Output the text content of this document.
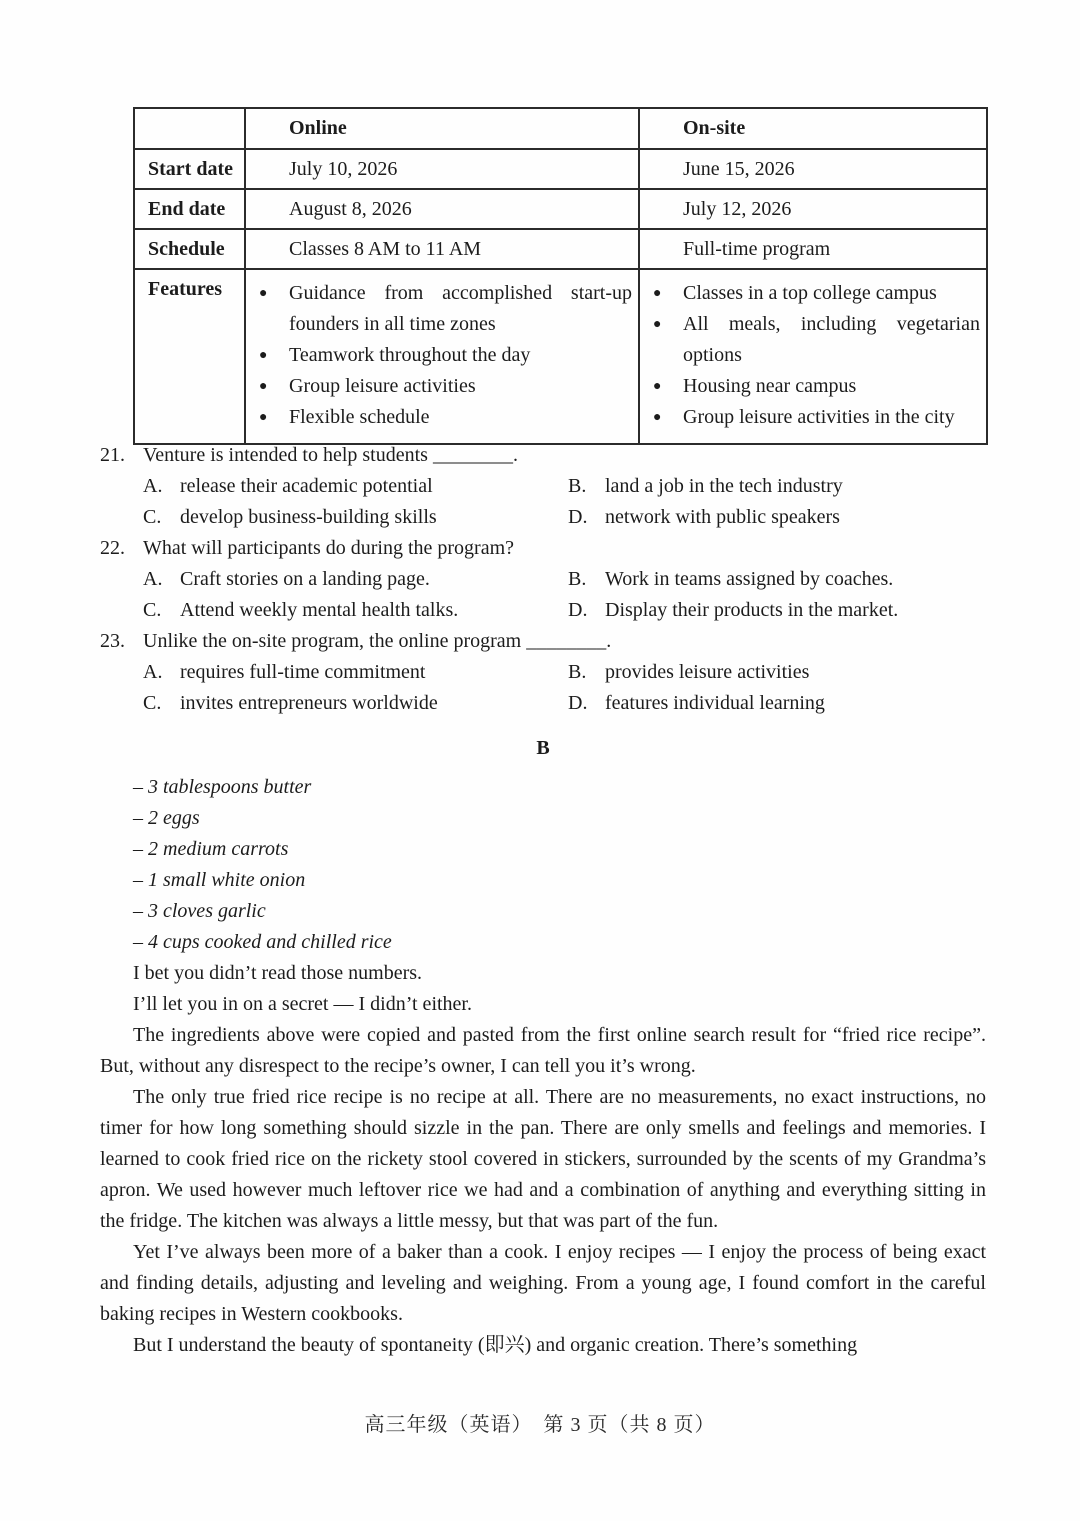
	Online	On-site
Start date	July 10, 2026	June 15, 2026
End date	August 8, 2026	July 12, 2026
Schedule	Classes 8 AM to 11 AM	Full-time program
Features	
●Guidance from accomplished start-up founders in all time zones
● Teamwork throughout the day
● Group leisure activities
● Flexible schedule

● Classes in a top college campus
● All meals, including vegetarian options
● Housing near campus
● Group leisure activities in the city
21. Venture is intended to help students ________.
A. release their academic potential	B. land a job in the tech industry
C. develop business-building skills	D. network with public speakers
22. What will participants do during the program?
A. Craft stories on a landing page.	B. Work in teams assigned by coaches.
C. Attend weekly mental health talks.	D. Display their products in the market.
23. Unlike the on-site program, the online program ________.
A. requires full-time commitment	B. provides leisure activities
C. invites entrepreneurs worldwide	D. features individual learning
B
– 3 tablespoons butter
– 2 eggs
– 2 medium carrots
– 1 small white onion
– 3 cloves garlic
– 4 cups cooked and chilled rice
I bet you didn’t read those numbers.
I’ll let you in on a secret — I didn’t either.

The ingredients above were copied and pasted from the first online search result for “fried rice recipe”. But, without any disrespect to the recipe’s owner, I can tell you it’s wrong.

The only true fried rice recipe is no recipe at all. There are no measurements, no exact instructions, no timer for how long something should sizzle in the pan. There are only smells and feelings and memories. I learned to cook fried rice on the rickety stool covered in stickers, surrounded by the scents of my Grandma’s apron. We used however much leftover rice we had and a combination of anything and everything sitting in the fridge. The kitchen was always a little messy, but that was part of the fun.

Yet I’ve always been more of a baker than a cook. I enjoy recipes — I enjoy the process of being exact and finding details, adjusting and leveling and weighing. From a young age, I found comfort in the careful baking recipes in Western cookbooks.

But I understand the beauty of spontaneity (即兴) and organic creation. There’s something

高三年级（英语）　第 3 页（共 8 页）
